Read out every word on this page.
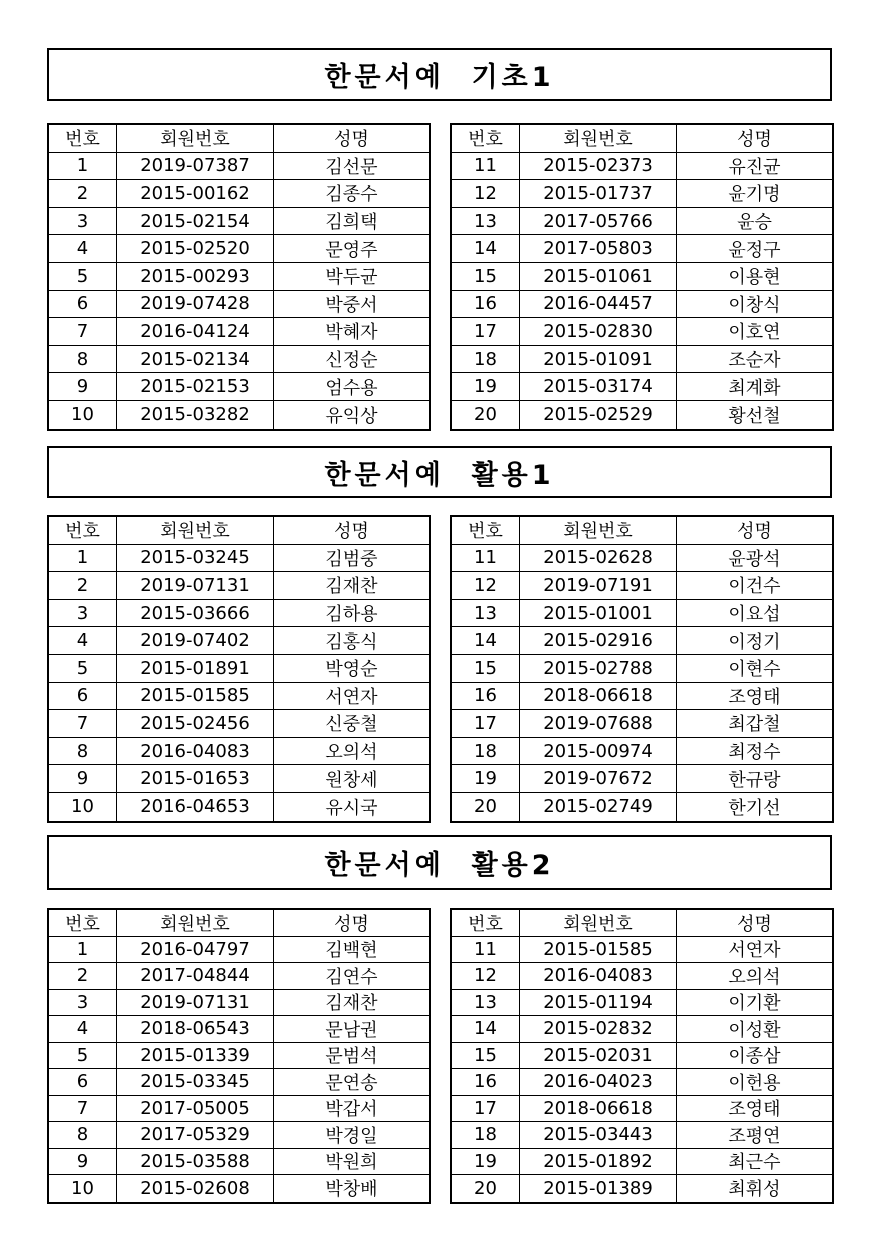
한문서예  기초1
번호	회원번호	성명
1	2019-07387	김선문
2	2015-00162	김종수
3	2015-02154	김희택
4	2015-02520	문영주
5	2015-00293	박두균
6	2019-07428	박중서
7	2016-04124	박혜자
8	2015-02134	신정순
9	2015-02153	엄수용
10	2015-03282	유익상
번호	회원번호	성명
11	2015-02373	유진균
12	2015-01737	윤기명
13	2017-05766	윤승
14	2017-05803	윤정구
15	2015-01061	이용현
16	2016-04457	이창식
17	2015-02830	이호연
18	2015-01091	조순자
19	2015-03174	최계화
20	2015-02529	황선철
한문서예  활용1
번호	회원번호	성명
1	2015-03245	김범중
2	2019-07131	김재찬
3	2015-03666	김하용
4	2019-07402	김홍식
5	2015-01891	박영순
6	2015-01585	서연자
7	2015-02456	신중철
8	2016-04083	오의석
9	2015-01653	원창세
10	2016-04653	유시국
번호	회원번호	성명
11	2015-02628	윤광석
12	2019-07191	이건수
13	2015-01001	이요섭
14	2015-02916	이정기
15	2015-02788	이현수
16	2018-06618	조영태
17	2019-07688	최갑철
18	2015-00974	최정수
19	2019-07672	한규랑
20	2015-02749	한기선
한문서예  활용2
번호	회원번호	성명
1	2016-04797	김백현
2	2017-04844	김연수
3	2019-07131	김재찬
4	2018-06543	문남권
5	2015-01339	문범석
6	2015-03345	문연송
7	2017-05005	박갑서
8	2017-05329	박경일
9	2015-03588	박원희
10	2015-02608	박창배
번호	회원번호	성명
11	2015-01585	서연자
12	2016-04083	오의석
13	2015-01194	이기환
14	2015-02832	이성환
15	2015-02031	이종삼
16	2016-04023	이헌용
17	2018-06618	조영태
18	2015-03443	조평연
19	2015-01892	최근수
20	2015-01389	최휘성
